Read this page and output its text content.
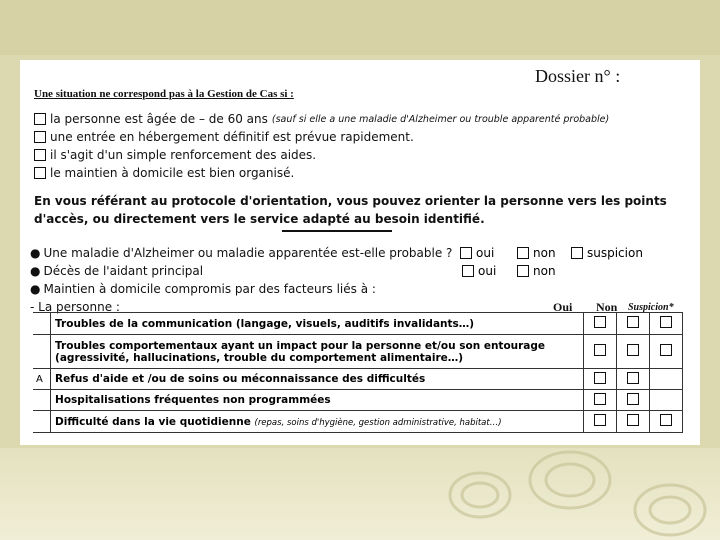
Dossier n° :
Une situation ne correspond pas à la Gestion de Cas si :
la personne est âgée de – de 60 ans (sauf si elle a une maladie d'Alzheimer ou trouble apparenté probable)
une entrée en hébergement définitif est prévue rapidement.
il s'agit d'un simple renforcement des aides.
le maintien à domicile est bien organisé.
En vous référant au protocole d'orientation, vous pouvez orienter la personne vers les points
d'accès, ou directement vers le service adapté au besoin identifié.
● Une maladie d'Alzheimer ou maladie apparentée est-elle probable ? oui	non	suspicion
● Décès de l'aidant principal	oui	non
● Maintien à domicile compromis par des facteurs liés à :
- La personne :	Oui Non Suspicion*
	Troubles de la communication (langage, visuels, auditifs invalidants…)			
	Troubles comportementaux ayant un impact pour la personne et/ou son entourage (agressivité, hallucinations, trouble du comportement alimentaire…)			
A	Refus d'aide et /ou de soins ou méconnaissance des difficultés			
	Hospitalisations fréquentes non programmées			
	Difficulté dans la vie quotidienne (repas, soins d'hygiène, gestion administrative, habitat…)			
